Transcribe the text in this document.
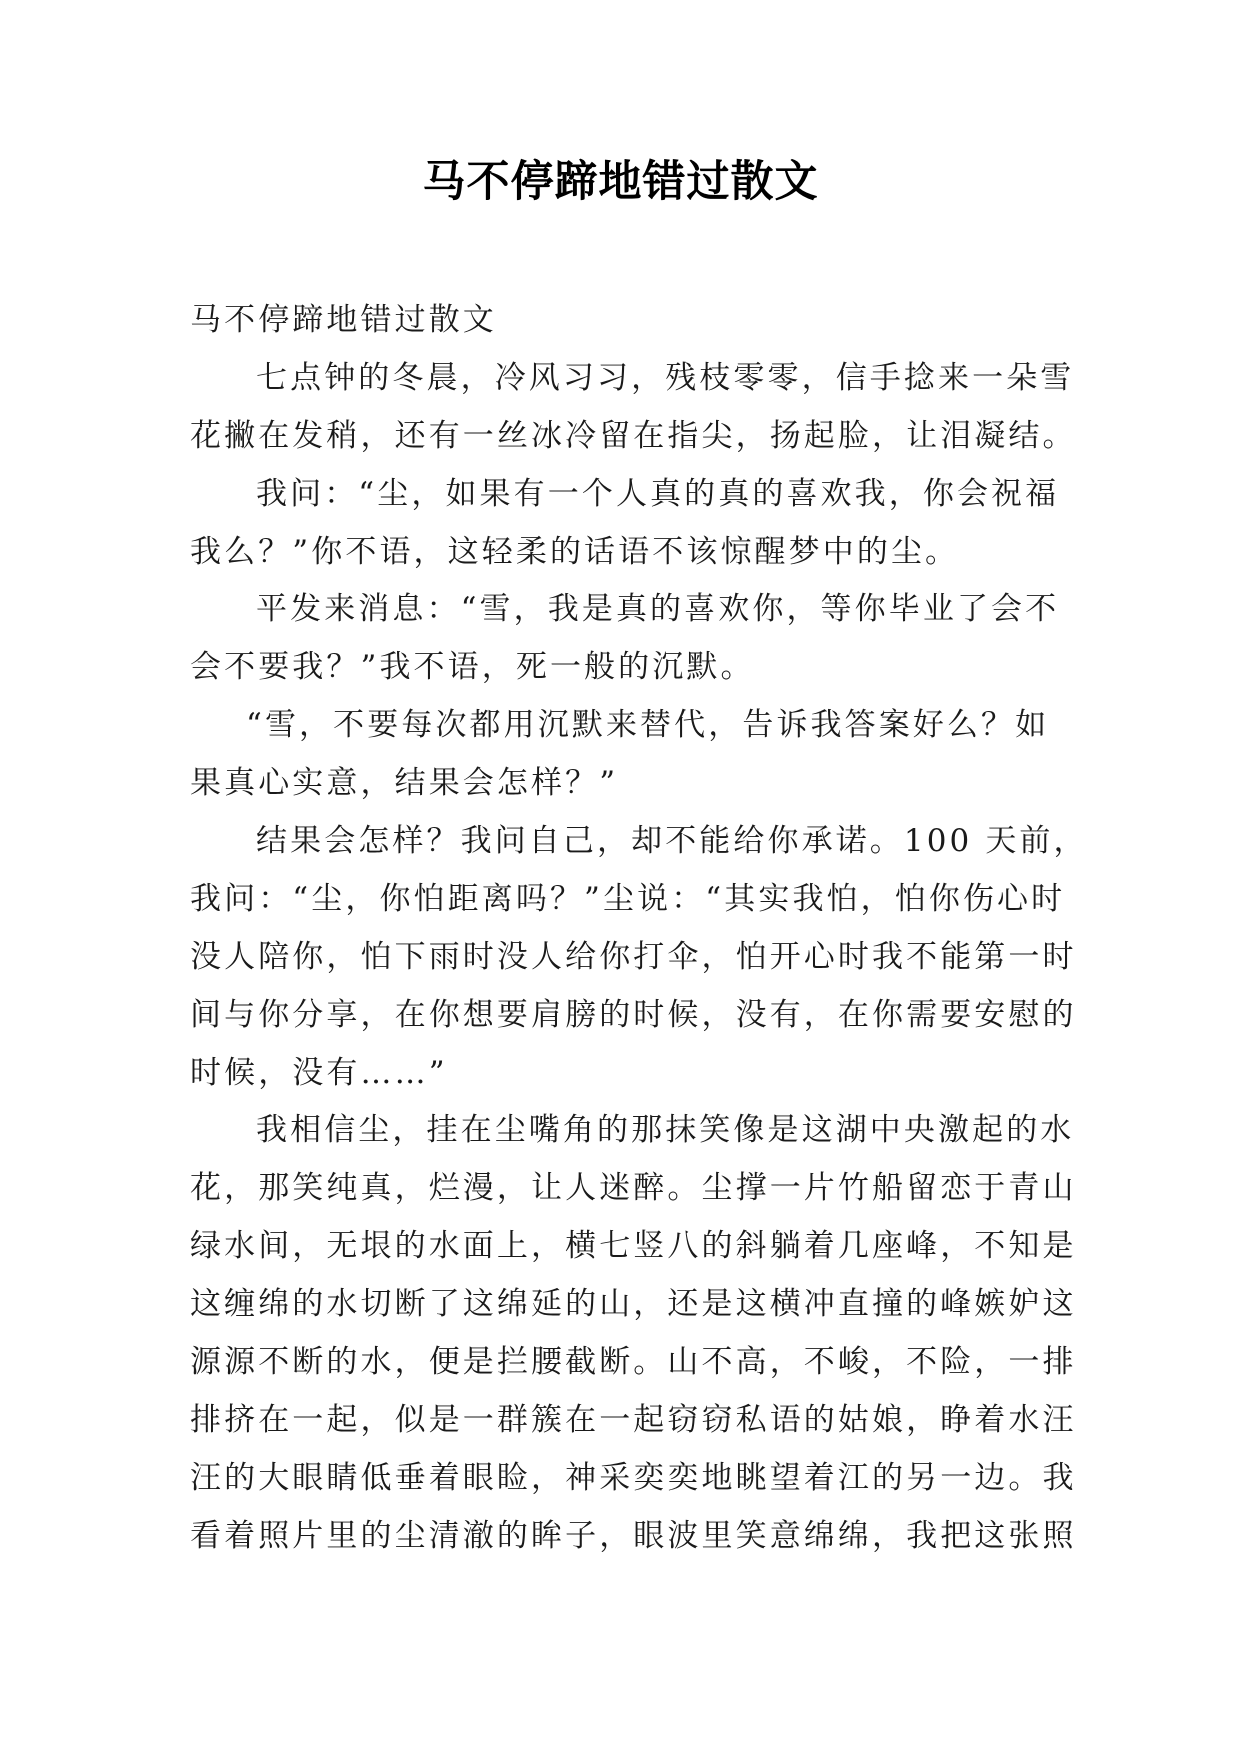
马不停蹄地错过散文
马不停蹄地错过散文
七点钟的冬晨，冷风习习，残枝零零，信手捻来一朵雪
花撇在发稍，还有一丝冰冷留在指尖，扬起脸，让泪凝结。
我问：“尘，如果有一个人真的真的喜欢我，你会祝福
我么？”你不语，这轻柔的话语不该惊醒梦中的尘。
平发来消息：“雪，我是真的喜欢你，等你毕业了会不
会不要我？”我不语，死一般的沉默。
“雪，不要每次都用沉默来替代，告诉我答案好么？如
果真心实意，结果会怎样？”
结果会怎样？我问自己，却不能给你承诺。100 天前，
我问：“尘，你怕距离吗？”尘说：“其实我怕，怕你伤心时
没人陪你，怕下雨时没人给你打伞，怕开心时我不能第一时
间与你分享，在你想要肩膀的时候，没有，在你需要安慰的
时候，没有……”
我相信尘，挂在尘嘴角的那抹笑像是这湖中央激起的水
花，那笑纯真，烂漫，让人迷醉。尘撑一片竹船留恋于青山
绿水间，无垠的水面上，横七竖八的斜躺着几座峰，不知是
这缠绵的水切断了这绵延的山，还是这横冲直撞的峰嫉妒这
源源不断的水，便是拦腰截断。山不高，不峻，不险，一排
排挤在一起，似是一群簇在一起窃窃私语的姑娘，睁着水汪
汪的大眼睛低垂着眼睑，神采奕奕地眺望着江的另一边。我
看着照片里的尘清澈的眸子，眼波里笑意绵绵，我把这张照
